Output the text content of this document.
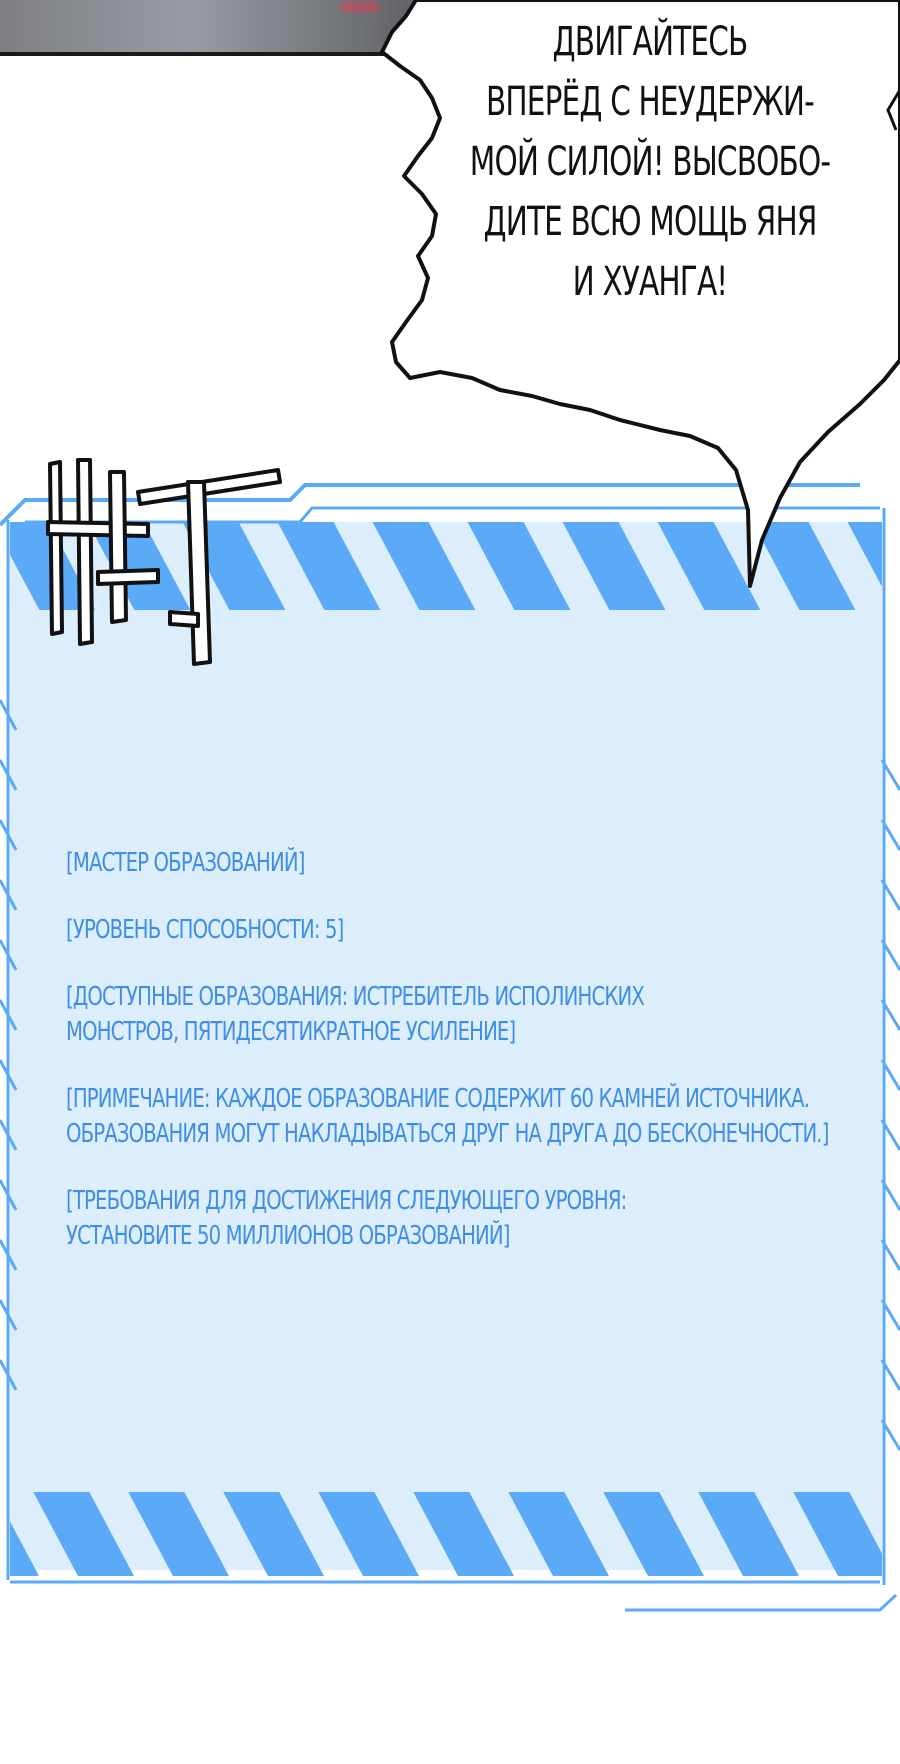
ДВИГАЙТЕСЬ
ВПЕРЁД С НЕУДЕРЖИ-
МОЙ СИЛОЙ! ВЫСВОБО-
ДИТЕ ВСЮ МОЩЬ ЯНЯ
И ХУАНГА!
[МАСТЕР ОБРАЗОВАНИЙ]
[УРОВЕНЬ СПОСОБНОСТИ: 5]
[ДОСТУПНЫЕ ОБРАЗОВАНИЯ: ИСТРЕБИТЕЛЬ ИСПОЛИНСКИХ
МОНСТРОВ, ПЯТИДЕСЯТИКРАТНОЕ УСИЛЕНИЕ]
[ПРИМЕЧАНИЕ: КАЖДОЕ ОБРАЗОВАНИЕ СОДЕРЖИТ 60 КАМНЕЙ ИСТОЧНИКА.
ОБРАЗОВАНИЯ МОГУТ НАКЛАДЫВАТЬСЯ ДРУГ НА ДРУГА ДО БЕСКОНЕЧНОСТИ.]
[ТРЕБОВАНИЯ ДЛЯ ДОСТИЖЕНИЯ СЛЕДУЮЩЕГО УРОВНЯ:
УСТАНОВИТЕ 50 МИЛЛИОНОВ ОБРАЗОВАНИЙ]
